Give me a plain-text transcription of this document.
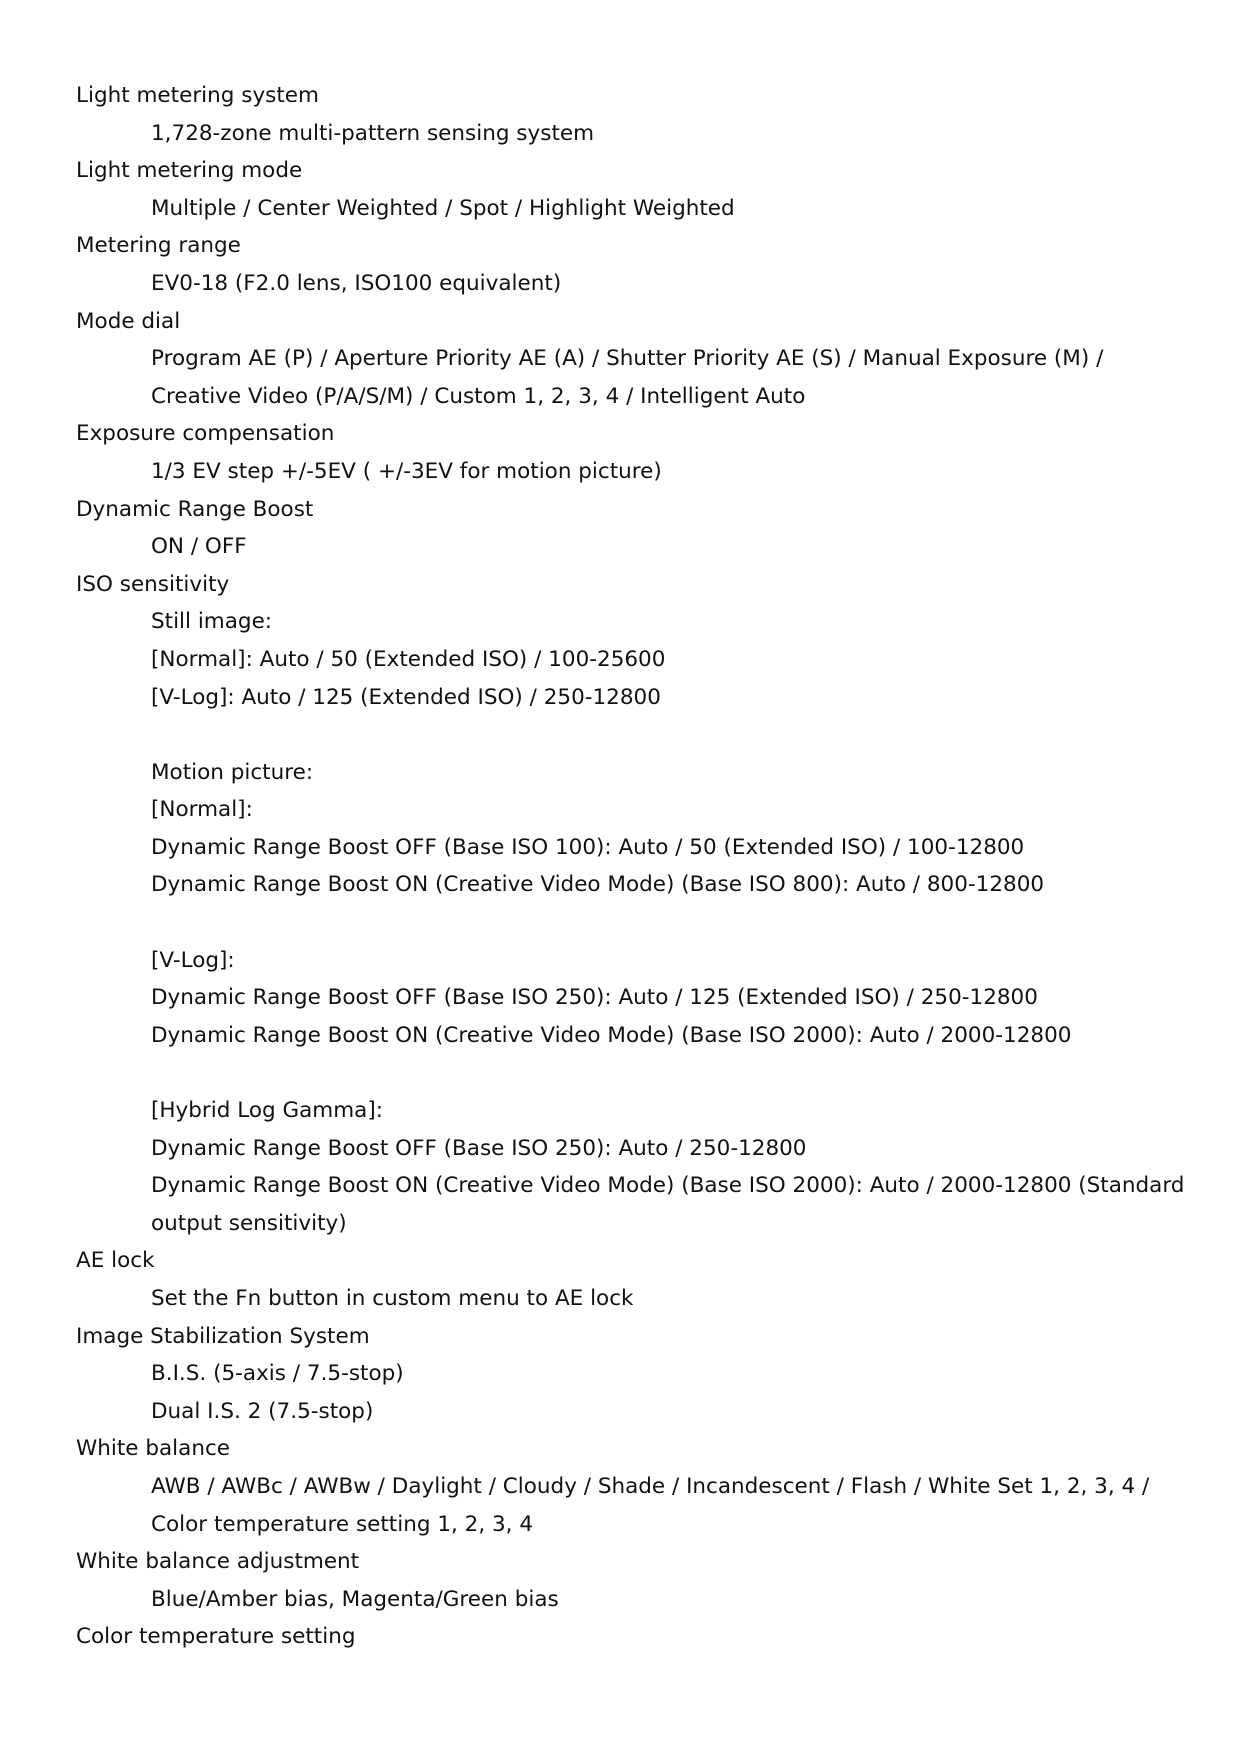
Light metering system
1,728-zone multi-pattern sensing system
Light metering mode
Multiple / Center Weighted / Spot / Highlight Weighted
Metering range
EV0-18 (F2.0 lens, ISO100 equivalent)
Mode dial
Program AE (P) / Aperture Priority AE (A) / Shutter Priority AE (S) / Manual Exposure (M) /
Creative Video (P/A/S/M) / Custom 1, 2, 3, 4 / Intelligent Auto
Exposure compensation
1/3 EV step +/-5EV ( +/-3EV for motion picture)
Dynamic Range Boost
ON / OFF
ISO sensitivity
Still image:
[Normal]: Auto / 50 (Extended ISO) / 100-25600
[V-Log]: Auto / 125 (Extended ISO) / 250-12800
Motion picture:
[Normal]:
Dynamic Range Boost OFF (Base ISO 100): Auto / 50 (Extended ISO) / 100-12800
Dynamic Range Boost ON (Creative Video Mode) (Base ISO 800): Auto / 800-12800
[V-Log]:
Dynamic Range Boost OFF (Base ISO 250): Auto / 125 (Extended ISO) / 250-12800
Dynamic Range Boost ON (Creative Video Mode) (Base ISO 2000): Auto / 2000-12800
[Hybrid Log Gamma]:
Dynamic Range Boost OFF (Base ISO 250): Auto / 250-12800
Dynamic Range Boost ON (Creative Video Mode) (Base ISO 2000): Auto / 2000-12800 (Standard
output sensitivity)
AE lock
Set the Fn button in custom menu to AE lock
Image Stabilization System
B.I.S. (5-axis / 7.5-stop)
Dual I.S. 2 (7.5-stop)
White balance
AWB / AWBc / AWBw / Daylight / Cloudy / Shade / Incandescent / Flash / White Set 1, 2, 3, 4 /
Color temperature setting 1, 2, 3, 4
White balance adjustment
Blue/Amber bias, Magenta/Green bias
Color temperature setting
